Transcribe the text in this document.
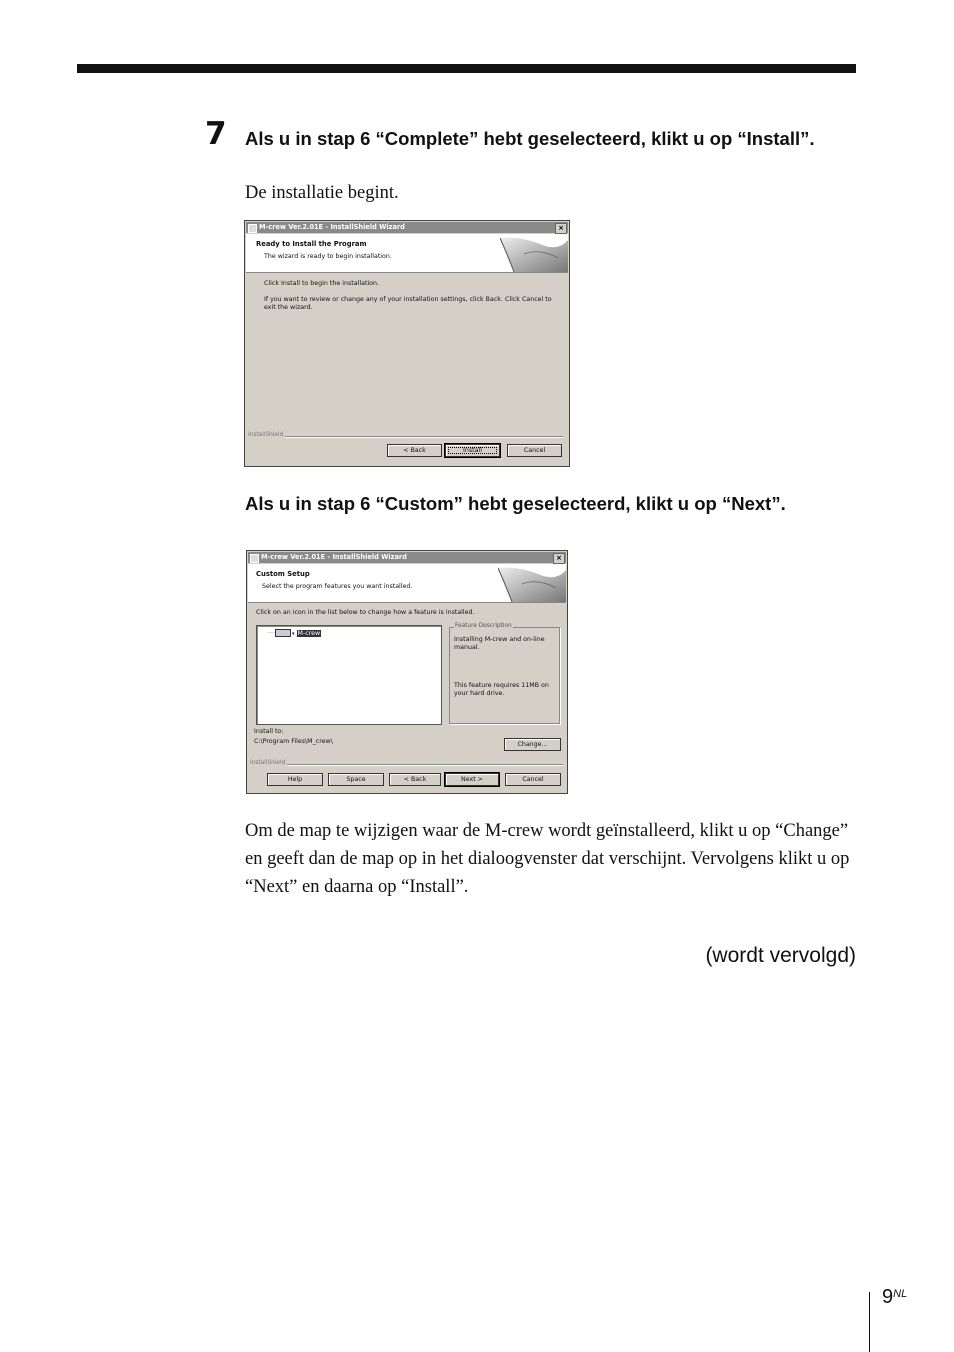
7 Als u in stap 6 “Complete” hebt geselecteerd, klikt u op “Install”.
De installatie begint.
M-crew Ver.2.01E - InstallShield Wizard	×
Ready to Install the Program
The wizard is ready to begin installation.
Click Install to begin the installation.
If you want to review or change any of your installation settings, click Back. Click Cancel to exit the wizard.
InstallShield
< Back	Install	Cancel
Als u in stap 6 “Custom” hebt geselecteerd, klikt u op “Next”.
M-crew Ver.2.01E - InstallShield Wizard	×
Custom Setup
Select the program features you want installed.
Click on an icon in the list below to change how a feature is installed.
····	▾ M-crew
Feature Description
Installing M-crew and on-line manual.
This feature requires 11MB on your hard drive.
Install to:
C:\Program Files\M_crew\	Change...
InstallShield
Help	Space	< Back	Next >	Cancel
Om de map te wijzigen waar de M-crew wordt geïnstalleerd, klikt u op “Change” en geeft dan de map op in het dialoogvenster dat verschijnt. Vervolgens klikt u op “Next” en daarna op “Install”.
(wordt vervolgd)
$9^{NL}$
